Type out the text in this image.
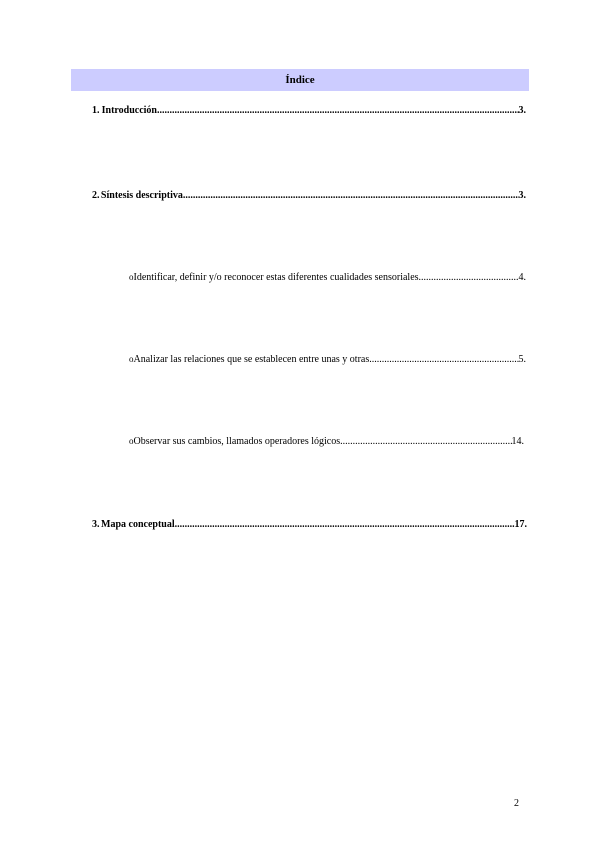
Índice
1. Introducción .....	3.
2. Síntesis descriptiva .....	3.
o Identificar, definir y/o reconocer estas diferentes cualidades sensoriales .....	4.
o Analizar las relaciones que se establecen entre unas y otras .....	5.
o Observar sus cambios, llamados operadores lógicos .....	14.
3. Mapa conceptual .....	17.
2
